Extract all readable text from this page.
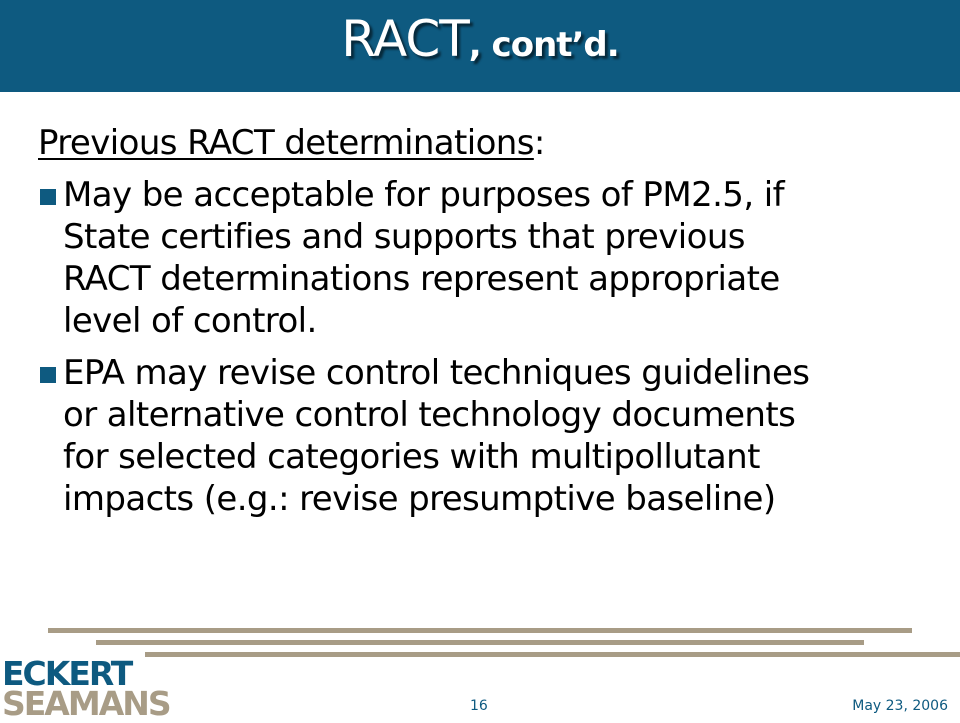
RACT, cont’d.
Previous RACT determinations:
May be acceptable for purposes of PM2.5, if
State certifies and supports that previous
RACT determinations represent appropriate
level of control.
EPA may revise control techniques guidelines
or alternative control technology documents
for selected categories with multipollutant
impacts (e.g.: revise presumptive baseline)
ECKERT
SEAMANS	16	May 23, 2006
